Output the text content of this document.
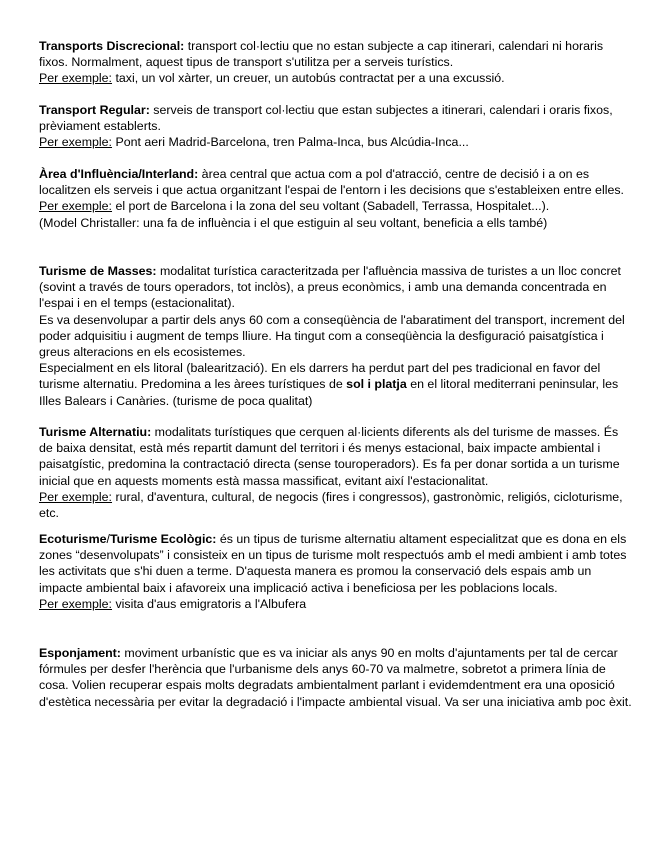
Transports Discrecional: transport col·lectiu que no estan subjecte a cap itinerari, calendari ni horaris fixos. Normalment, aquest tipus de transport s'utilitza per a serveis turístics.

Per exemple: taxi, un vol xàrter, un creuer, un autobús contractat per a una excussió.

Transport Regular: serveis de transport col·lectiu que estan subjectes a itinerari, calendari i oraris fixos, prèviament establerts.

Per exemple: Pont aeri Madrid-Barcelona, tren Palma-Inca, bus Alcúdia-Inca...

Àrea d'Influència/Interland: àrea central que actua com a pol d'atracció, centre de decisió i a on es localitzen els serveis i que actua organitzant l'espai de l'entorn i les decisions que s'estableixen entre elles.

Per exemple: el port de Barcelona i la zona del seu voltant (Sabadell, Terrassa, Hospitalet...).

(Model Christaller: una fa de influència i el que estiguin al seu voltant, beneficia a ells també)

Turisme de Masses: modalitat turística caracteritzada per l'afluència massiva de turistes a un lloc concret (sovint a través de tours operadors, tot inclòs), a preus econòmics, i amb una demanda concentrada en l'espai i en el temps (estacionalitat).

Es va desenvolupar a partir dels anys 60 com a conseqüència de l'abaratiment del transport, increment del poder adquisitiu i augment de temps lliure. Ha tingut com a conseqüència la desfiguració paisatgística i greus alteracions en els ecosistemes.

Especialment en els litoral (balearització). En els darrers ha perdut part del pes tradicional en favor del turisme alternatiu. Predomina a les àrees turístiques de sol i platja en el litoral mediterrani peninsular, les Illes Balears i Canàries. (turisme de poca qualitat)

Turisme Alternatiu: modalitats turístiques que cerquen al·licients diferents als del turisme de masses. És de baixa densitat, està més repartit damunt del territori i és menys estacional, baix impacte ambiental i paisatgístic, predomina la contractació directa (sense touroperadors). Es fa per donar sortida a un turisme inicial que en aquests moments està massa massificat, evitant així l'estacionalitat.

Per exemple: rural, d'aventura, cultural, de negocis (fires i congressos), gastronòmic, religiós, cicloturisme, etc.

Ecoturisme/Turisme Ecològic: és un tipus de turisme alternatiu altament especialitzat que es dona en els zones “desenvolupats” i consisteix en un tipus de turisme molt respectuós amb el medi ambient i amb totes les activitats que s'hi duen a terme. D'aquesta manera es promou la conservació dels espais amb un impacte ambiental baix i afavoreix una implicació activa i beneficiosa per les poblacions locals.

Per exemple: visita d'aus emigratoris a l'Albufera

Esponjament: moviment urbanístic que es va iniciar als anys 90 en molts d'ajuntaments per tal de cercar

fórmules per desfer l'herència que l'urbanisme dels anys 60-70 va malmetre, sobretot a primera línia de cosa. Volien recuperar espais molts degradats ambientalment parlant i evidemdentment era una oposició d'estètica necessària per evitar la degradació i l'impacte ambiental visual. Va ser una iniciativa amb poc èxit.
